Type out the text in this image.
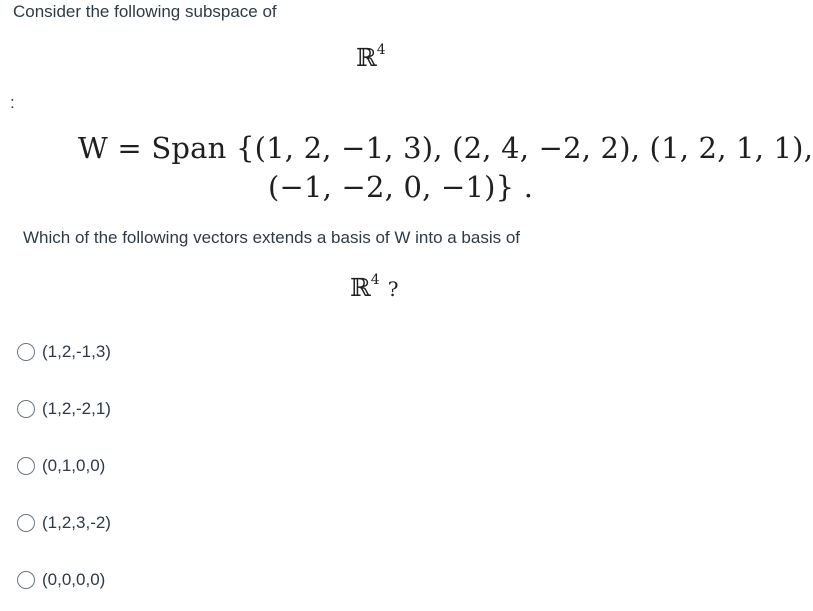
Consider the following subspace of
ℝ$^4$
:
W = Span {(1, 2, −1, 3), (2, 4, −2, 2), (1, 2, 1, 1),
(−1, −2, 0, −1)} .
Which of the following vectors extends a basis of W into a basis of
ℝ$^4$ ?
(1,2,-1,3)
(1,2,-2,1)
(0,1,0,0)
(1,2,3,-2)
(0,0,0,0)
